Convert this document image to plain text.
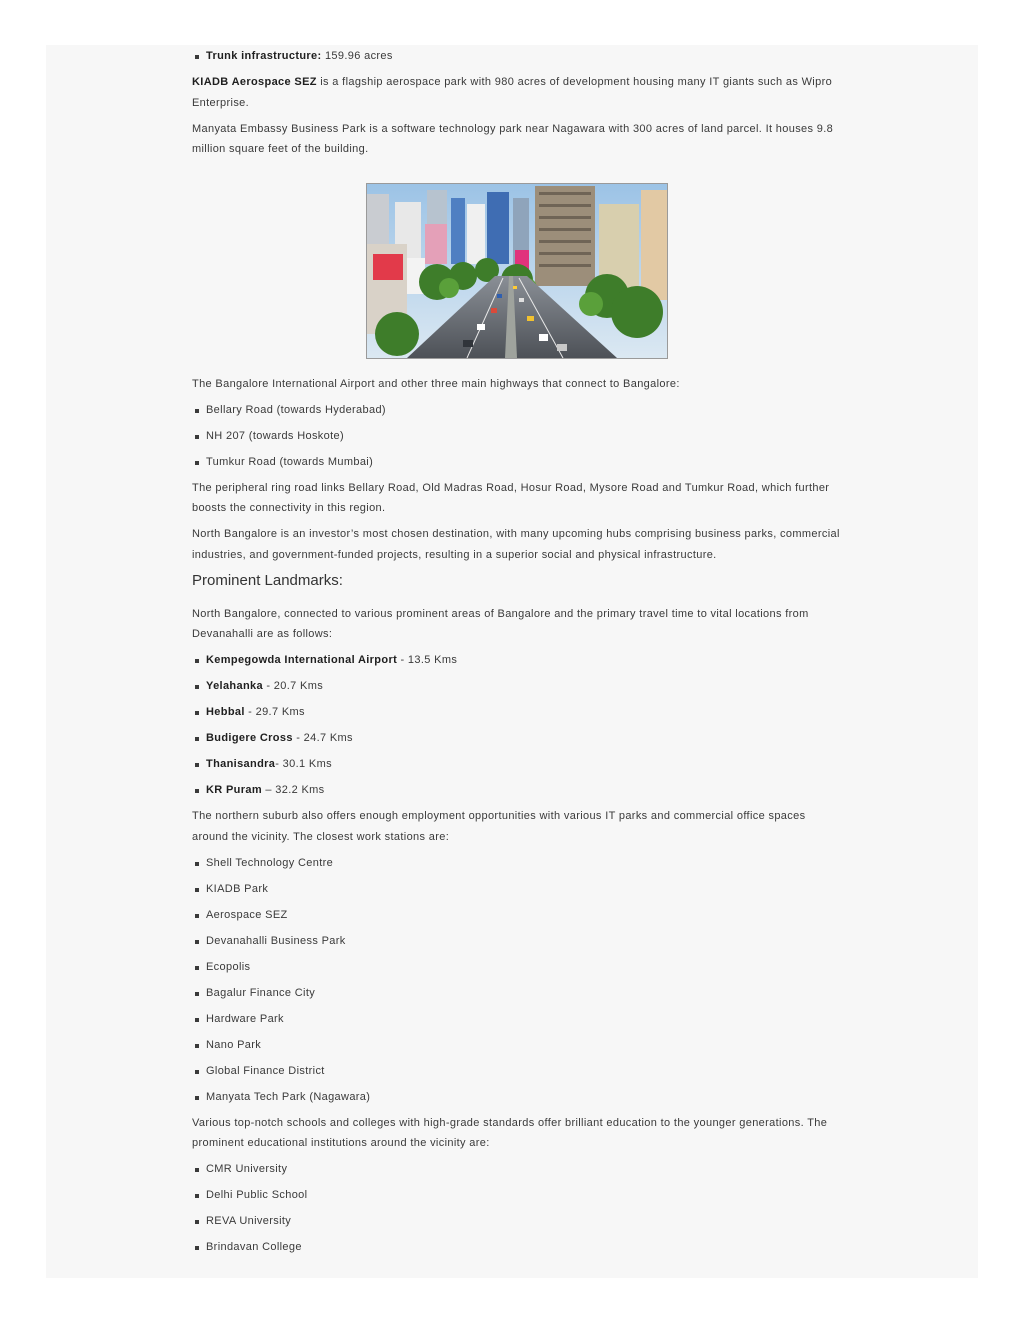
Trunk infrastructure: 159.96 acres

KIADB Aerospace SEZ is a flagship aerospace park with 980 acres of development housing many IT giants such as Wipro Enterprise.

Manyata Embassy Business Park is a software technology park near Nagawara with 300 acres of land parcel. It houses 9.8 million square feet of the building.

The Bangalore International Airport and other three main highways that connect to Bangalore:

Bellary Road (towards Hyderabad)
NH 207 (towards Hoskote)
Tumkur Road (towards Mumbai)

The peripheral ring road links Bellary Road, Old Madras Road, Hosur Road, Mysore Road and Tumkur Road, which further boosts the connectivity in this region.

North Bangalore is an investor’s most chosen destination, with many upcoming hubs comprising business parks, commercial industries, and government-funded projects, resulting in a superior social and physical infrastructure.

Prominent Landmarks:

North Bangalore, connected to various prominent areas of Bangalore and the primary travel time to vital locations from Devanahalli are as follows:

Kempegowda International Airport - 13.5 Kms
Yelahanka - 20.7 Kms
Hebbal - 29.7 Kms
Budigere Cross - 24.7 Kms
Thanisandra- 30.1 Kms
KR Puram – 32.2 Kms

The northern suburb also offers enough employment opportunities with various IT parks and commercial office spaces around the vicinity. The closest work stations are:

Shell Technology Centre
KIADB Park
Aerospace SEZ
Devanahalli Business Park
Ecopolis
Bagalur Finance City
Hardware Park
Nano Park
Global Finance District
Manyata Tech Park (Nagawara)

Various top-notch schools and colleges with high-grade standards offer brilliant education to the younger generations. The prominent educational institutions around the vicinity are:

CMR University
Delhi Public School
REVA University
Brindavan College
